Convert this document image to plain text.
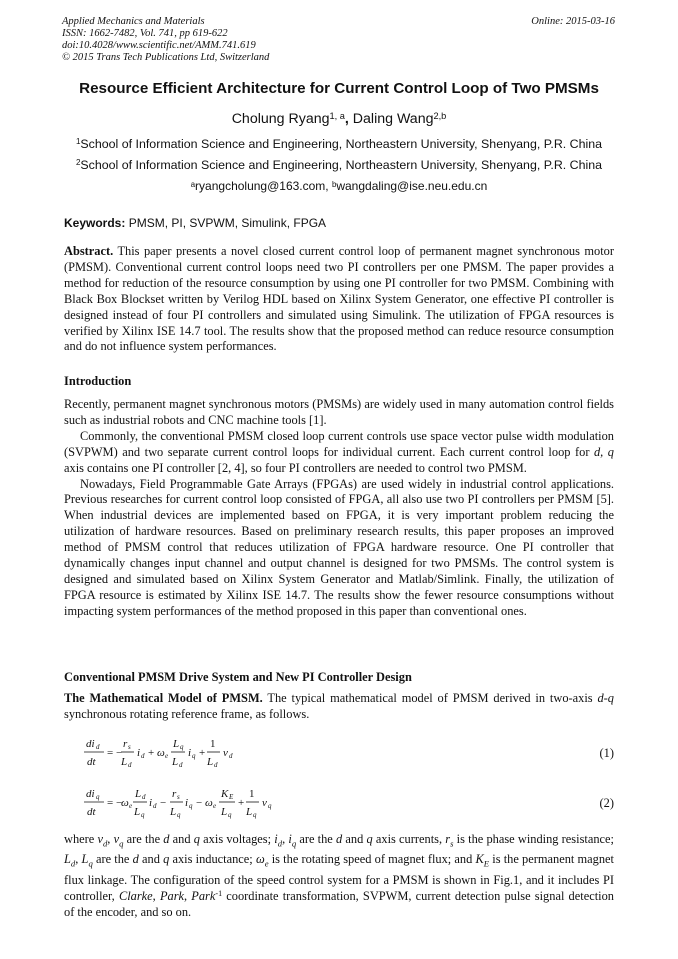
Applied Mechanics and Materials
ISSN: 1662-7482, Vol. 741, pp 619-622
doi:10.4028/www.scientific.net/AMM.741.619
© 2015 Trans Tech Publications Ltd, Switzerland
Online: 2015-03-16
Resource Efficient Architecture for Current Control Loop of Two PMSMs
Cholung Ryang$^{1, a}$, Daling Wang$^{2,b}$
$^1$School of Information Science and Engineering, Northeastern University, Shenyang, P.R. China
$^2$School of Information Science and Engineering, Northeastern University, Shenyang, P.R. China
$^a$ryangcholung@163.com, $^b$wangdaling@ise.neu.edu.cn
Keywords: PMSM, PI, SVPWM, Simulink, FPGA
Abstract. This paper presents a novel closed current control loop of permanent magnet synchronous motor (PMSM). Conventional current control loops need two PI controllers per one PMSM. The paper provides a method for reduction of the resource consumption by using one PI controller for two PMSM. Combining with Black Box Blockset written by Verilog HDL based on Xilinx System Generator, one effective PI controller is designed instead of four PI controllers and simulated using Simulink. The utilization of FPGA resources is verified by Xilinx ISE 14.7 tool. The results show that the proposed method can reduce resource consumption and do not influence system performances.
Introduction
Recently, permanent magnet synchronous motors (PMSMs) are widely used in many automation control fields such as industrial robots and CNC machine tools [1].
Commonly, the conventional PMSM closed loop current controls use space vector pulse width modulation (SVPWM) and two separate current control loops for individual current. Each current control loop for d, q axis contains one PI controller [2, 4], so four PI controllers are needed to control two PMSM.
Nowadays, Field Programmable Gate Arrays (FPGAs) are used widely in industrial control applications. Previous researches for current control loop consisted of FPGA, all also use two PI controllers per PMSM [5]. When industrial devices are implemented based on FPGA, it is very important problem reducing the utilization of hardware resources. Based on preliminary research results, this paper proposes an improved method of PMSM control that reduces utilization of FPGA hardware resource. One PI controller that dynamically changes input channel and output channel is designed for two PMSMs. The control system is designed and simulated based on Xilinx System Generator and Matlab/Simlink. Finally, the utilization of FPGA resource is estimated by Xilinx ISE 14.7. The results show the fewer resource consumptions without impacting system performances of the method proposed in this paper than conventional ones.
Conventional PMSM Drive System and New PI Controller Design
The Mathematical Model of PMSM. The typical mathematical model of PMSM derived in two-axis d-q synchronous rotating reference frame, as follows.
di d
dt
= −
r s
L d
i d + ω e
L q
L d
i q +
1
L d
v d	(1)
di q
dt
= −
ω e
L d
L q
i d −
r s
L q
i q − ω e
K E
L q
+
1
L q
v q	(2)
where $v_d$, $v_q$ are the d and q axis voltages; $i_d$, $i_q$ are the d and q axis currents, $r_s$ is the phase winding resistance; $L_d$, $L_q$ are the d and q axis inductance; $\omega_e$ is the rotating speed of magnet flux; and $K_E$ is the permanent magnet flux linkage. The configuration of the speed control system for a PMSM is shown in Fig.1, and it includes PI controller, Clarke, Park, Park$^{-1}$ coordinate transformation, SVPWM, current detection pulse signal detection of the encoder, and so on.
